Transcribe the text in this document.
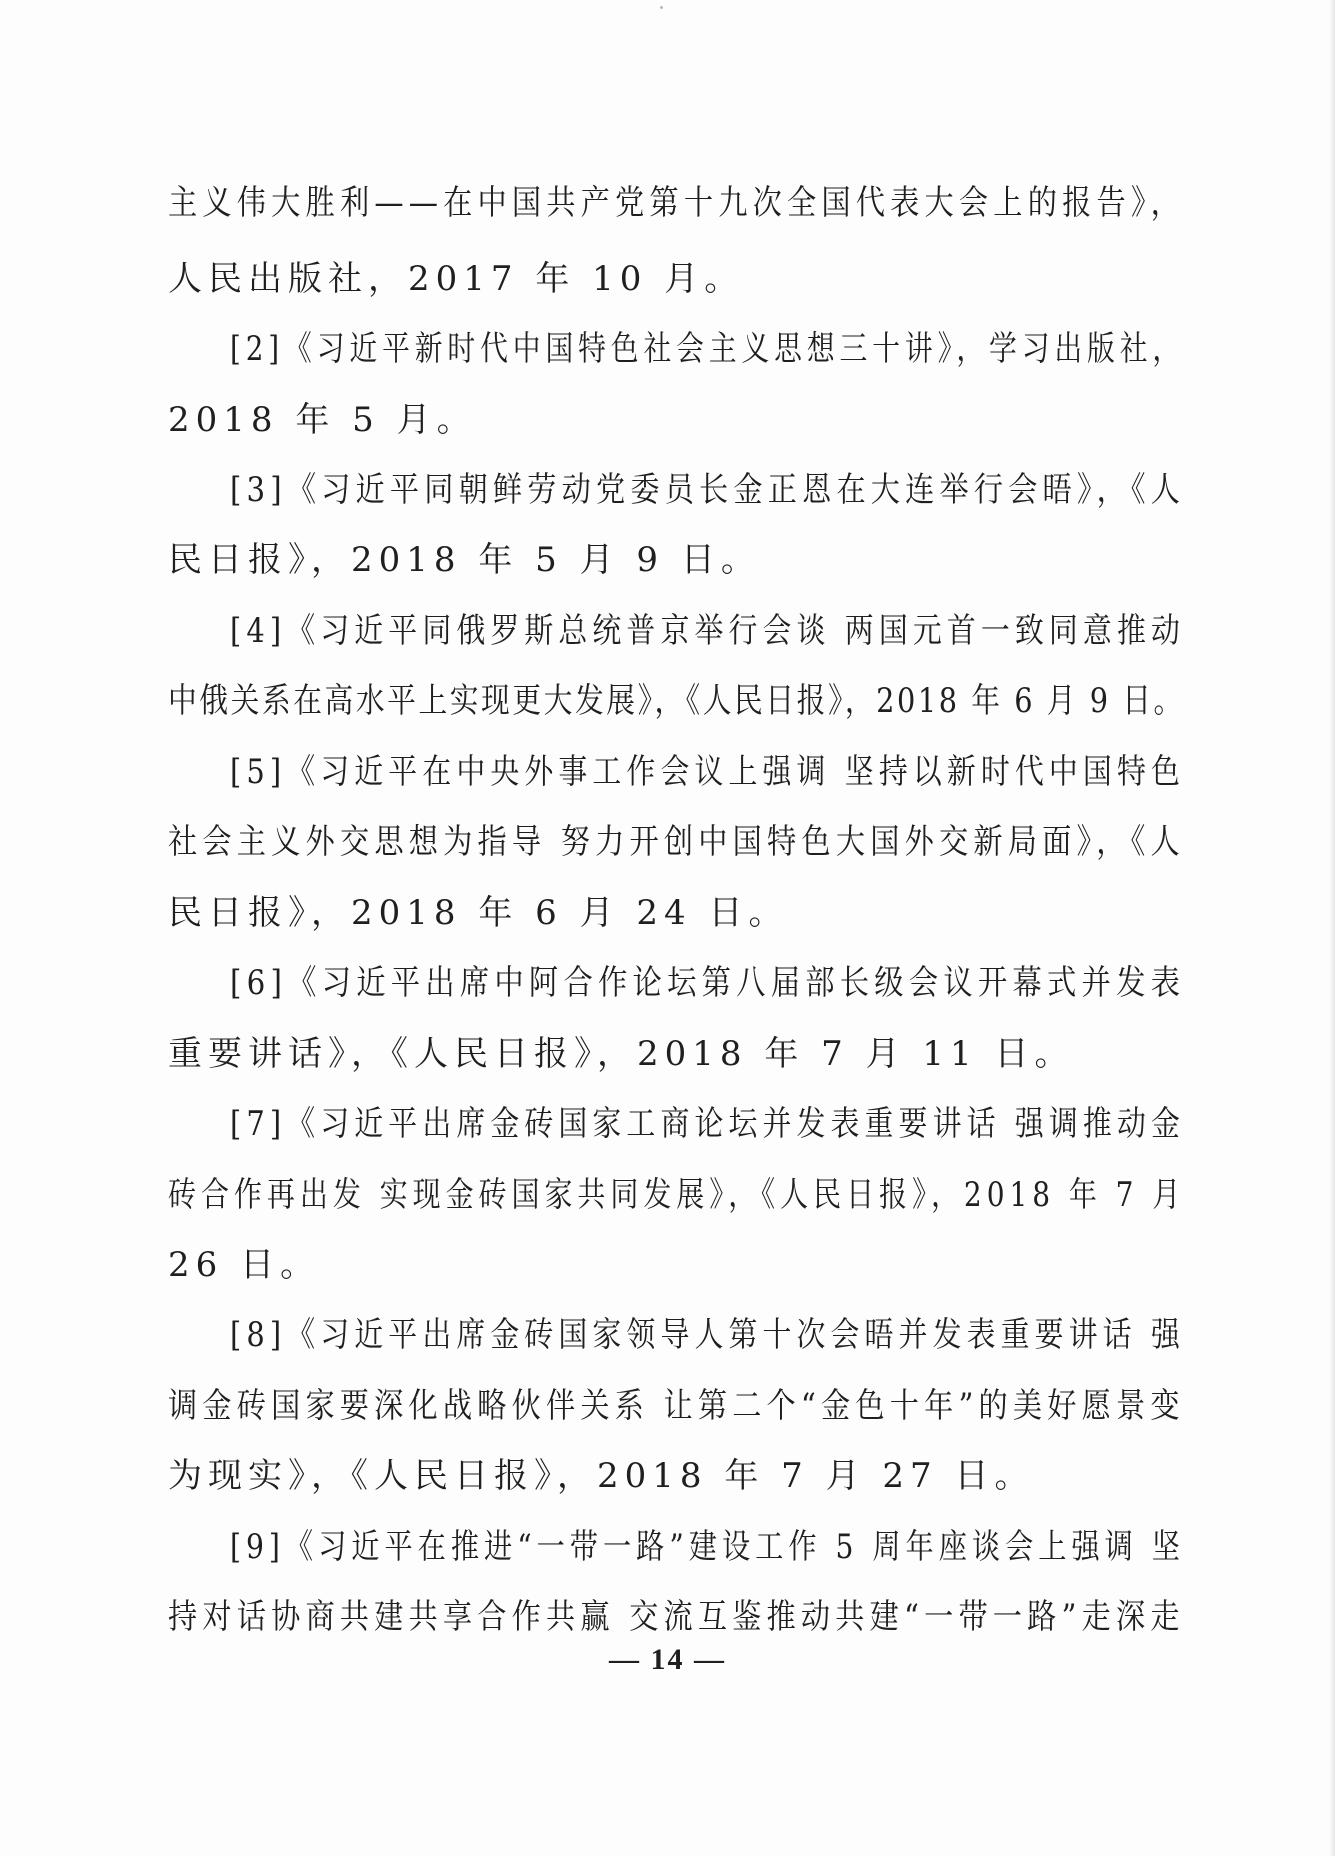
主义伟大胜利——在中国共产党第十九次全国代表大会上的报告》，
人民出版社，2017 年 10 月。
[2]《习近平新时代中国特色社会主义思想三十讲》，学习出版社，
2018 年 5 月。
[3]《习近平同朝鲜劳动党委员长金正恩在大连举行会晤》，《人
民日报》，2018 年 5 月 9 日。
[4]《习近平同俄罗斯总统普京举行会谈 两国元首一致同意推动
中俄关系在高水平上实现更大发展》，《人民日报》，2018 年 6 月 9 日。
[5]《习近平在中央外事工作会议上强调 坚持以新时代中国特色
社会主义外交思想为指导 努力开创中国特色大国外交新局面》，《人
民日报》，2018 年 6 月 24 日。
[6]《习近平出席中阿合作论坛第八届部长级会议开幕式并发表
重要讲话》，《人民日报》，2018 年 7 月 11 日。
[7]《习近平出席金砖国家工商论坛并发表重要讲话 强调推动金
砖合作再出发 实现金砖国家共同发展》，《人民日报》，2018 年 7 月
26 日。
[8]《习近平出席金砖国家领导人第十次会晤并发表重要讲话 强
调金砖国家要深化战略伙伴关系 让第二个“金色十年”的美好愿景变
为现实》，《人民日报》，2018 年 7 月 27 日。
[9]《习近平在推进“一带一路”建设工作 5 周年座谈会上强调 坚
持对话协商共建共享合作共赢 交流互鉴推动共建“一带一路”走深走
— 14 —
